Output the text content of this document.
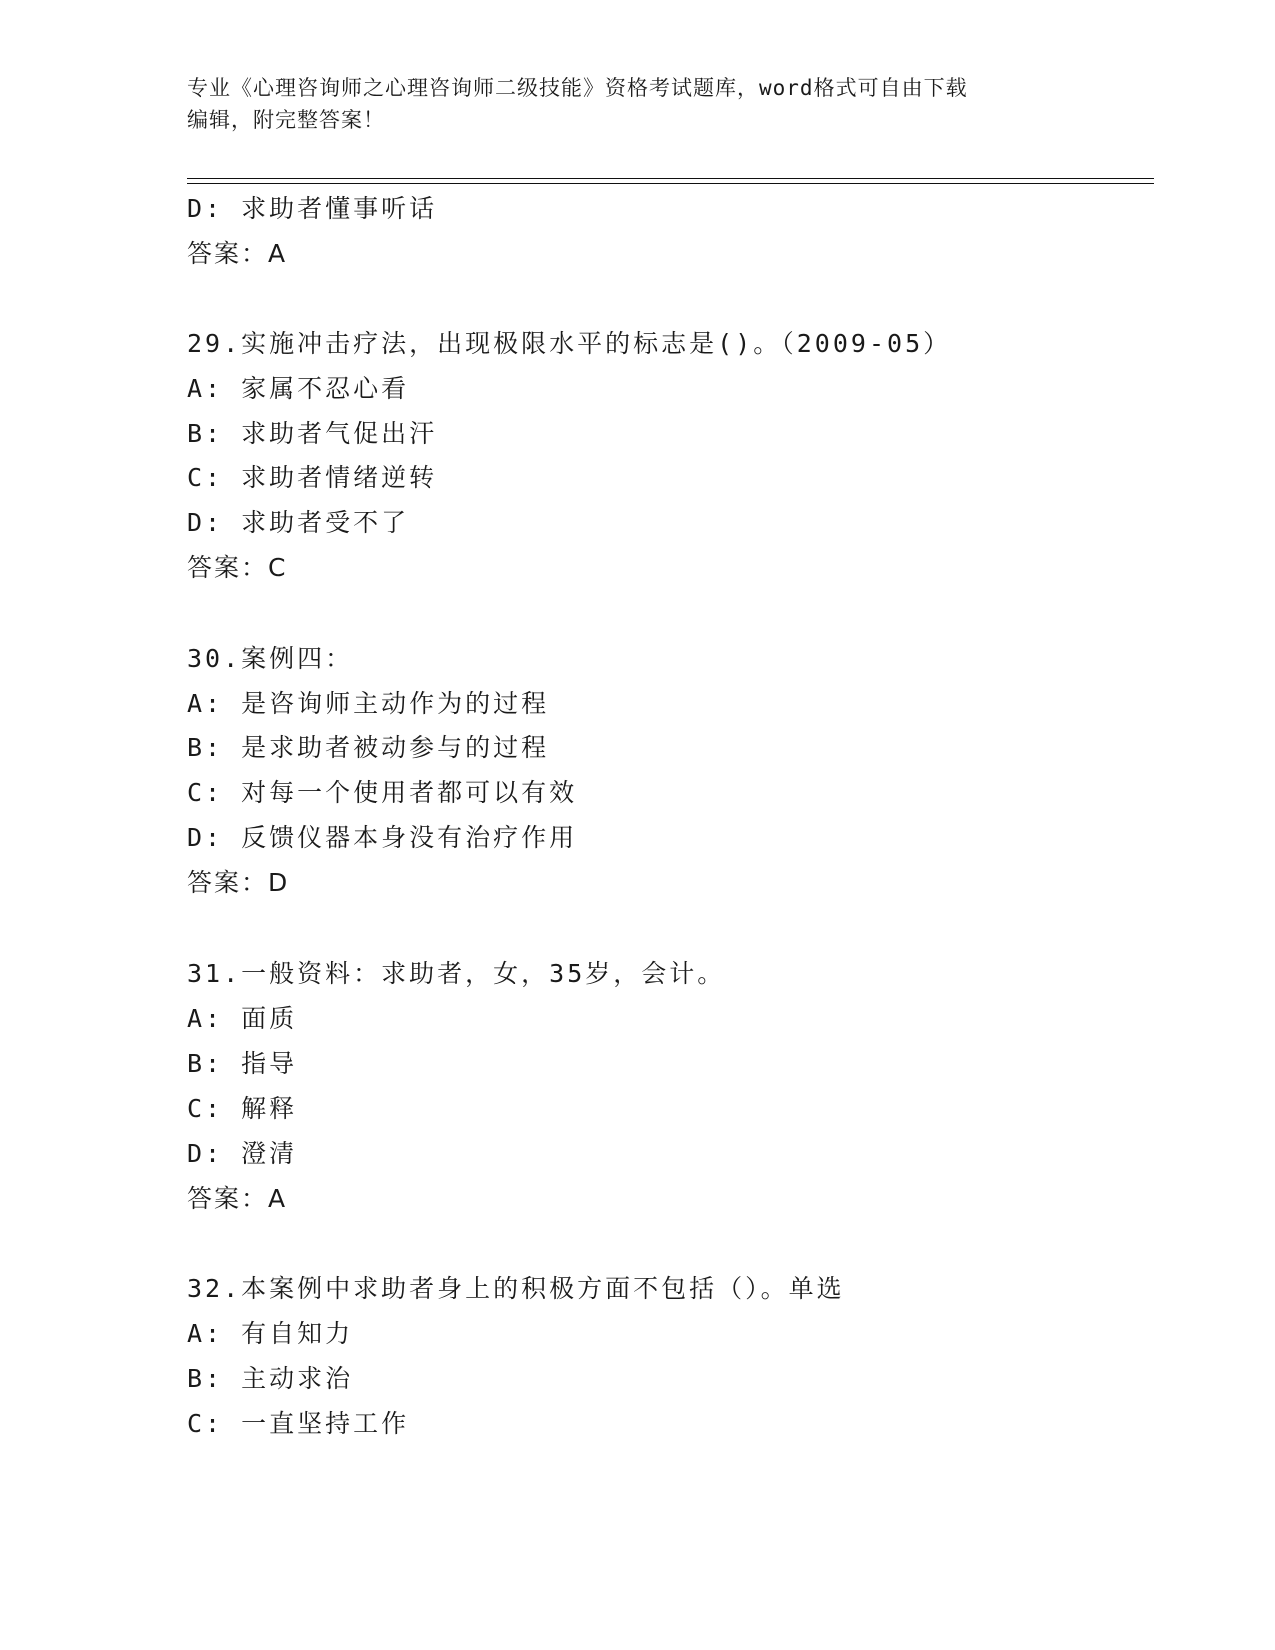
专业《心理咨询师之心理咨询师二级技能》资格考试题库，word格式可自由下载
编辑，附完整答案！
D: 求助者懂事听话
答案：A
29.实施冲击疗法，出现极限水平的标志是()。（2009-05）
A: 家属不忍心看
B: 求助者气促出汗
C: 求助者情绪逆转
D: 求助者受不了
答案：C
30.案例四：
A: 是咨询师主动作为的过程
B: 是求助者被动参与的过程
C: 对每一个使用者都可以有效
D: 反馈仪器本身没有治疗作用
答案：D
31.一般资料：求助者，女，35岁，会计。
A: 面质
B: 指导
C: 解释
D: 澄清
答案：A
32.本案例中求助者身上的积极方面不包括（）。单选
A: 有自知力
B: 主动求治
C: 一直坚持工作
